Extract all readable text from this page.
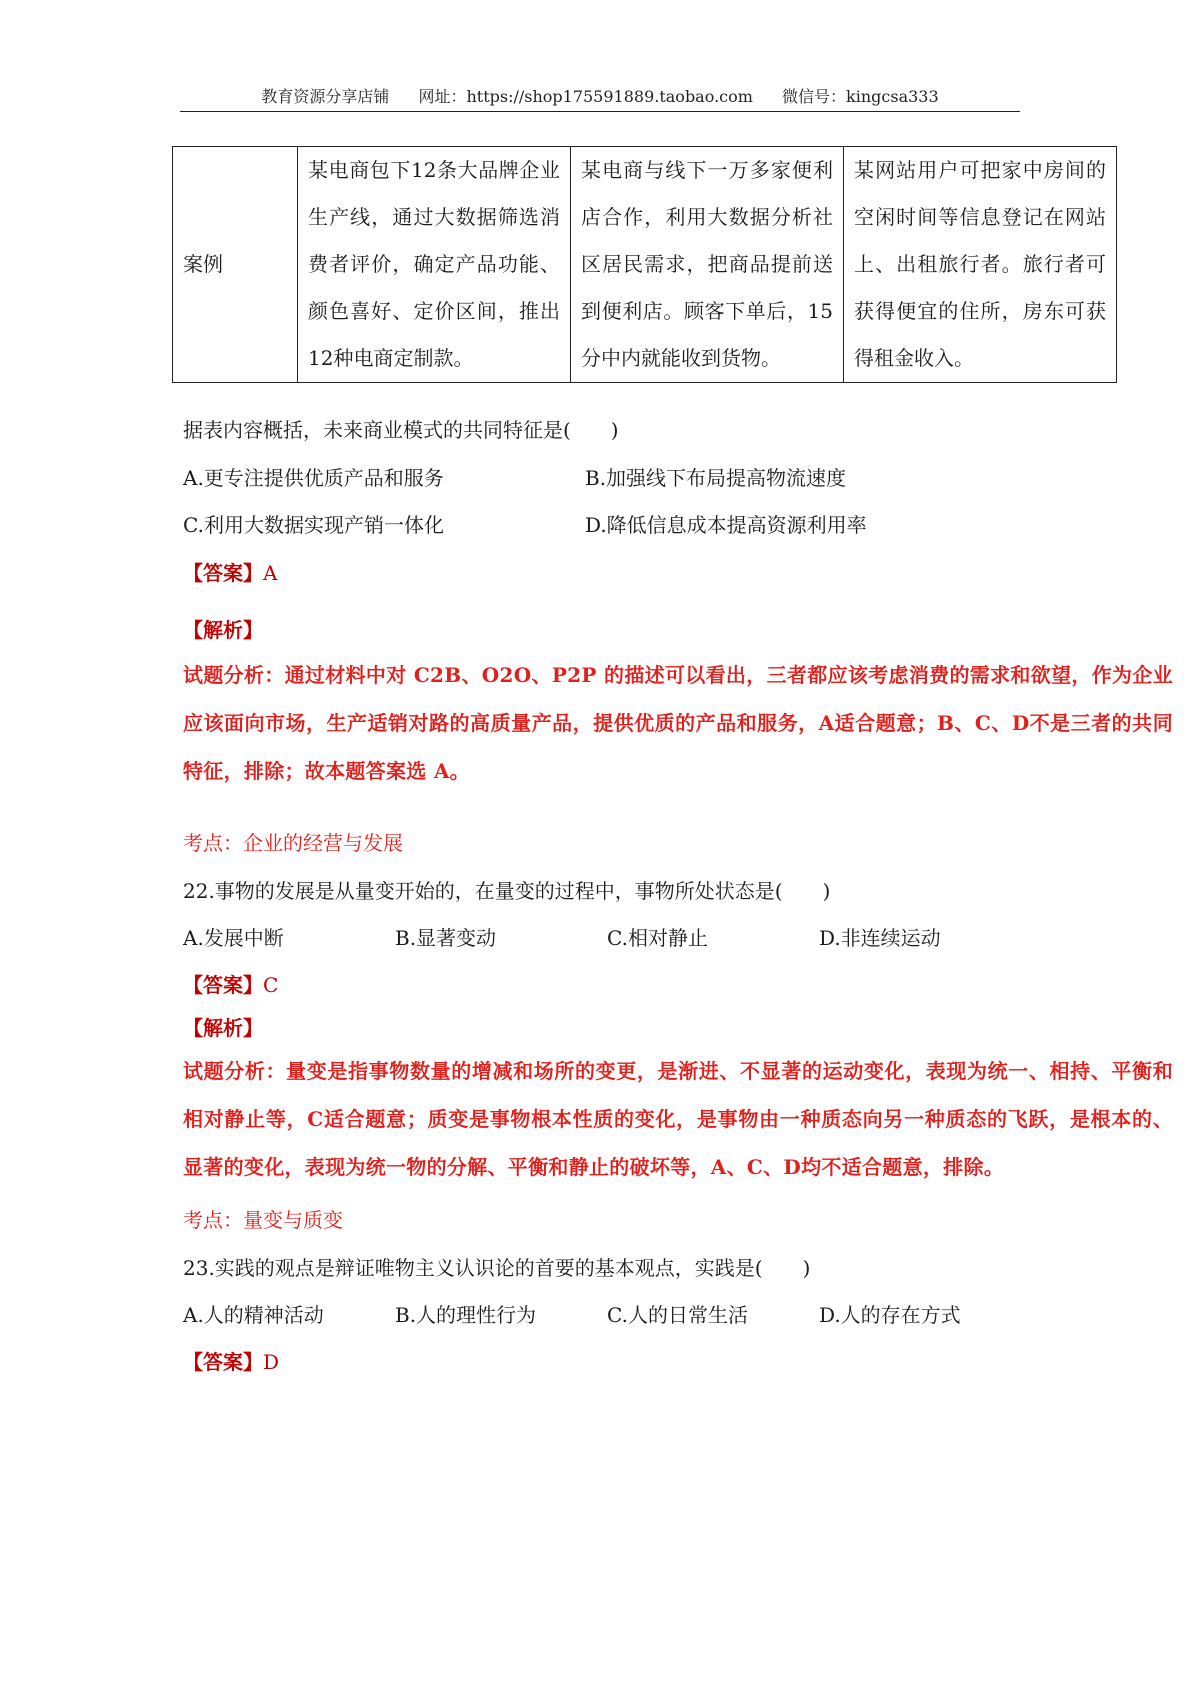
教育资源分享店铺 网址：https://shop175591889.taobao.com 微信号：kingcsa333
案例	某电商包下12条大品牌企业生产线，通过大数据筛选消费者评价，确定产品功能、颜色喜好、定价区间，推出12种电商定制款。	某电商与线下一万多家便利店合作，利用大数据分析社区居民需求，把商品提前送到便利店。顾客下单后，15分中内就能收到货物。	某网站用户可把家中房间的空闲时间等信息登记在网站上、出租旅行者。旅行者可获得便宜的住所，房东可获得租金收入。
据表内容概括，未来商业模式的共同特征是(　　)
A.更专注提供优质产品和服务	B.加强线下布局提高物流速度
C.利用大数据实现产销一体化	D.降低信息成本提高资源利用率
【答案】A
【解析】

试题分析：通过材料中对 C2B、O2O、P2P 的描述可以看出，三者都应该考虑消费的需求和欲望，作为企业应该面向市场，生产适销对路的高质量产品，提供优质的产品和服务，A适合题意；B、C、D不是三者的共同特征，排除；故本题答案选 A。

考点：企业的经营与发展
22.事物的发展是从量变开始的，在量变的过程中，事物所处状态是(　　)
A.发展中断	B.显著变动	C.相对静止	D.非连续运动
【答案】C
【解析】

试题分析：量变是指事物数量的增减和场所的变更，是渐进、不显著的运动变化，表现为统一、相持、平衡和相对静止等，C适合题意；质变是事物根本性质的变化，是事物由一种质态向另一种质态的飞跃，是根本的、显著的变化，表现为统一物的分解、平衡和静止的破坏等，A、C、D均不适合题意，排除。

考点：量变与质变
23.实践的观点是辩证唯物主义认识论的首要的基本观点，实践是(　　)
A.人的精神活动	B.人的理性行为	C.人的日常生活	D.人的存在方式
【答案】D
